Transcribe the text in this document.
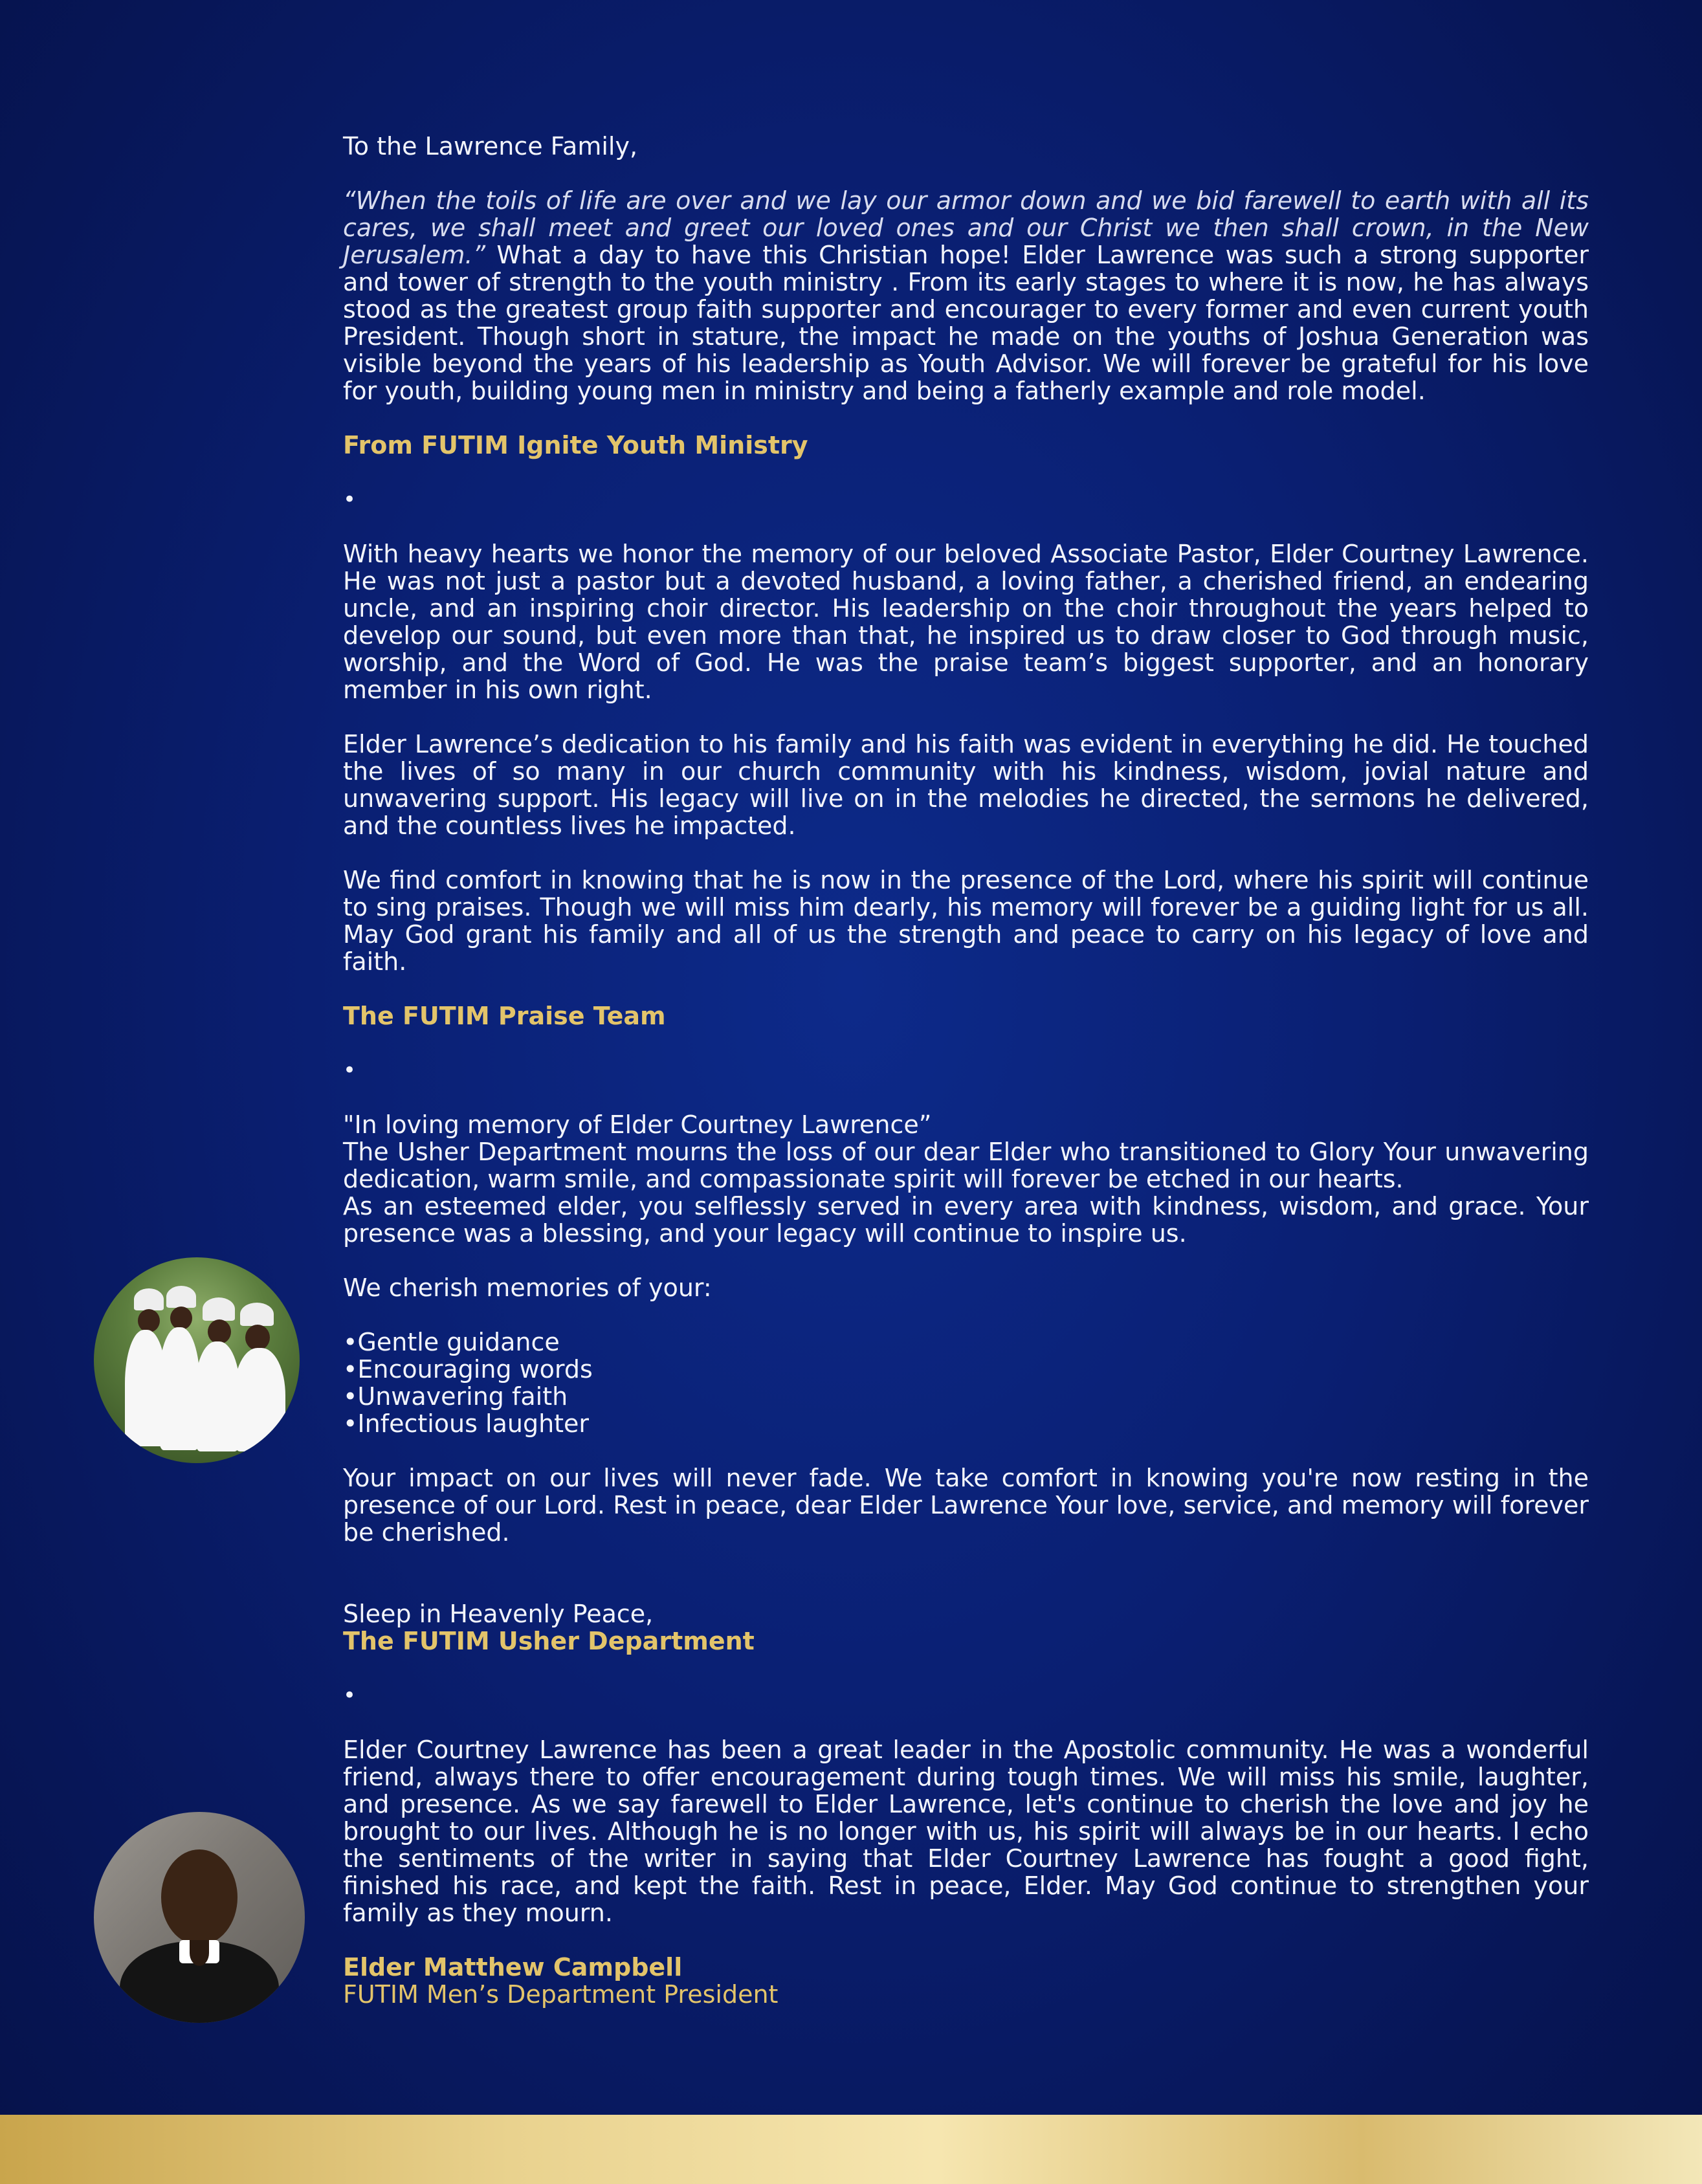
To the Lawrence Family,

“When the toils of life are over and we lay our armor down and we bid farewell to earth with all its cares, we shall meet and greet our loved ones and our Christ we then shall crown, in the New Jerusalem.” What a day to have this Christian hope! Elder Lawrence was such a strong supporter and tower of strength to the youth ministry . From its early stages to where it is now, he has always stood as the greatest group faith supporter and encourager to every former and even current youth President. Though short in stature, the impact he made on the youths of Joshua Generation was visible beyond the years of his leadership as Youth Advisor. We will forever be grateful for his love for youth, building young men in ministry and being a fatherly example and role model.

From FUTIM Ignite Youth Ministry

•

With heavy hearts we honor the memory of our beloved Associate Pastor, Elder Courtney Lawrence. He was not just a pastor but a devoted husband, a loving father, a cherished friend, an endearing uncle, and an inspiring choir director. His leadership on the choir throughout the years helped to develop our sound, but even more than that, he inspired us to draw closer to God through music, worship, and the Word of God. He was the praise team’s biggest supporter, and an honorary member in his own right.

Elder Lawrence’s dedication to his family and his faith was evident in everything he did. He touched the lives of so many in our church community with his kindness, wisdom, jovial nature and unwavering support. His legacy will live on in the melodies he directed, the sermons he delivered, and the countless lives he impacted.

We find comfort in knowing that he is now in the presence of the Lord, where his spirit will continue to sing praises. Though we will miss him dearly, his memory will forever be a guiding light for us all. May God grant his family and all of us the strength and peace to carry on his legacy of love and faith.

The FUTIM Praise Team

•

"In loving memory of Elder Courtney Lawrence”

The Usher Department mourns the loss of our dear Elder who transitioned to Glory Your unwavering dedication, warm smile, and compassionate spirit will forever be etched in our hearts.

As an esteemed elder, you selflessly served in every area with kindness, wisdom, and grace. Your presence was a blessing, and your legacy will continue to inspire us.

We cherish memories of your:

•Gentle guidance
•Encouraging words
•Unwavering faith
•Infectious laughter

Your impact on our lives will never fade. We take comfort in knowing you're now resting in the presence of our Lord. Rest in peace, dear Elder Lawrence Your love, service, and memory will forever be cherished.

Sleep in Heavenly Peace,

The FUTIM Usher Department

•

Elder Courtney Lawrence has been a great leader in the Apostolic community. He was a wonderful friend, always there to offer encouragement during tough times. We will miss his smile, laughter, and presence. As we say farewell to Elder Lawrence, let's continue to cherish the love and joy he brought to our lives. Although he is no longer with us, his spirit will always be in our hearts. I echo the sentiments of the writer in saying that Elder Courtney Lawrence has fought a good fight, finished his race, and kept the faith. Rest in peace, Elder. May God continue to strengthen your family as they mourn.

Elder Matthew Campbell

FUTIM Men’s Department President
